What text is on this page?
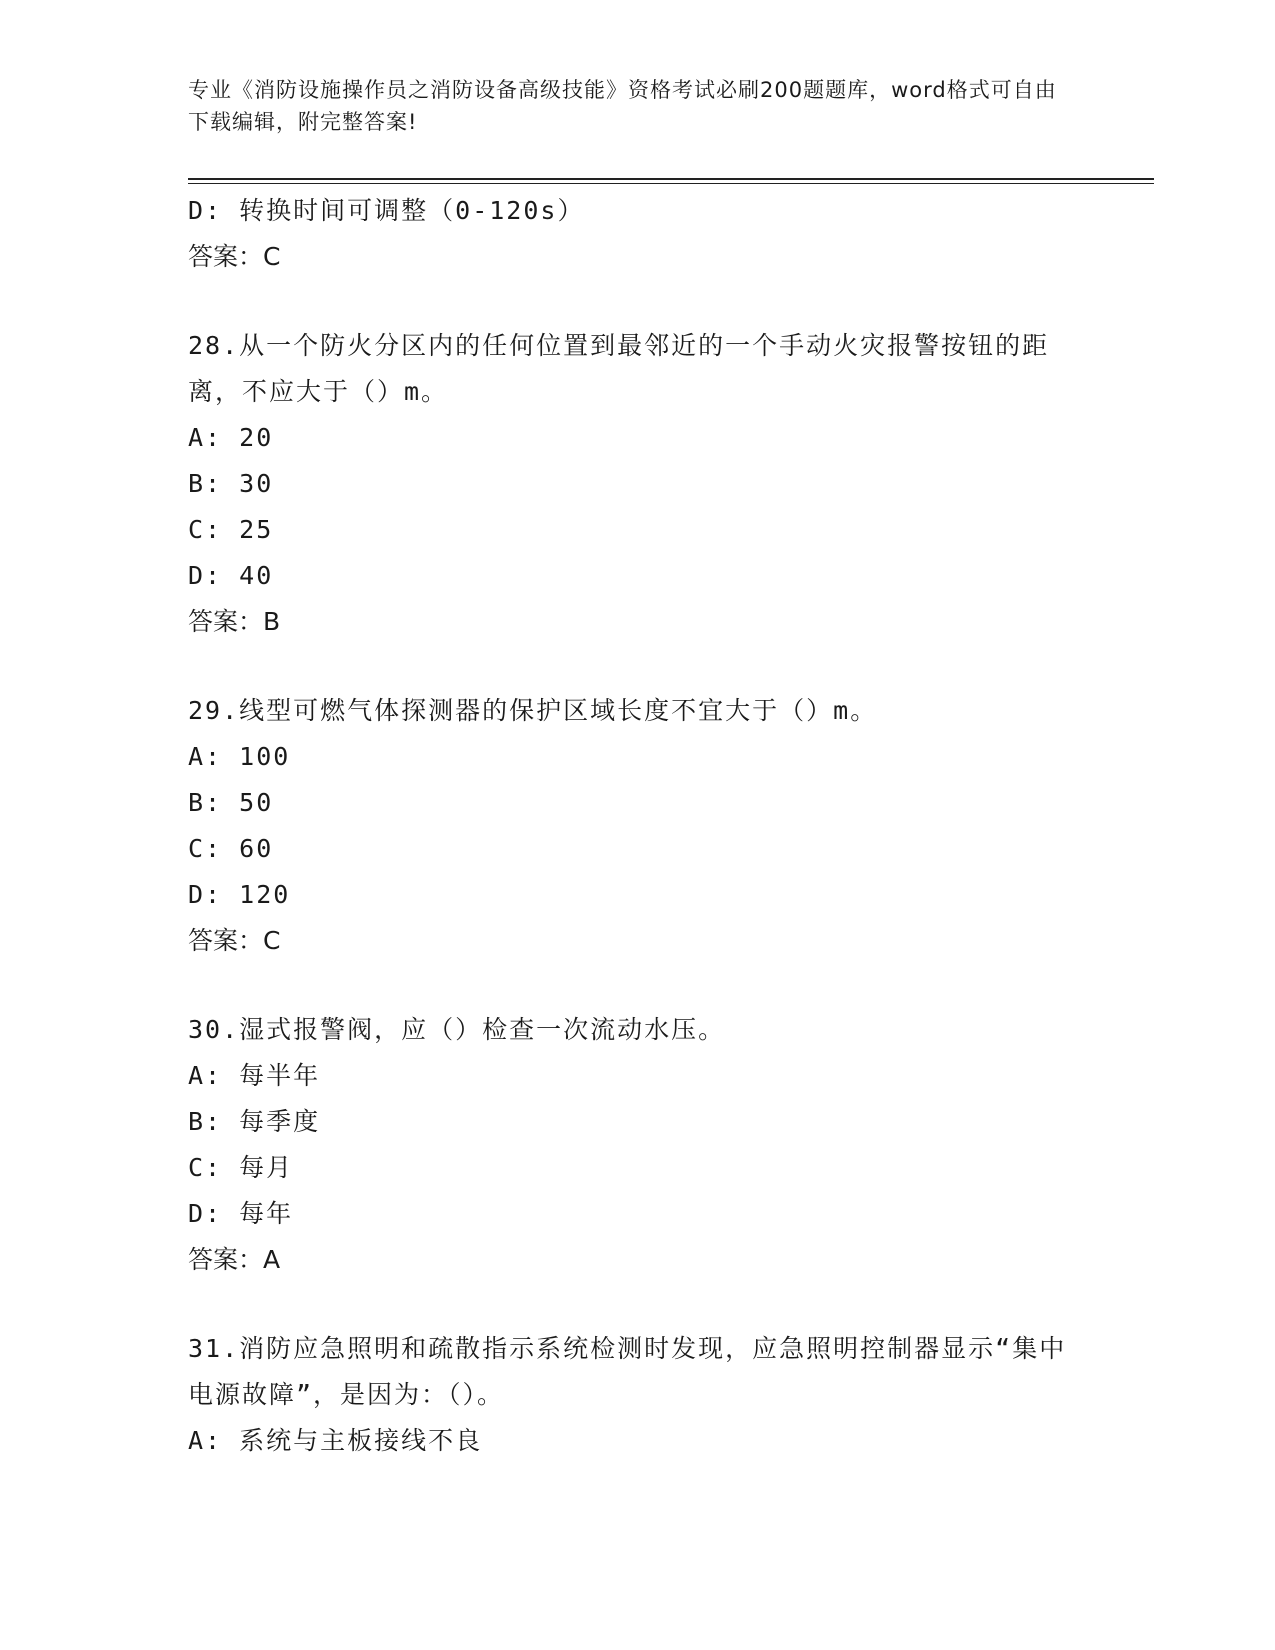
专业《消防设施操作员之消防设备高级技能》资格考试必刷200题题库，word格式可自由下载编辑，附完整答案!
D: 转换时间可调整（0-120s）
答案：C
28.从一个防火分区内的任何位置到最邻近的一个手动火灾报警按钮的距离，不应大于（）m。
A: 20
B: 30
C: 25
D: 40
答案：B
29.线型可燃气体探测器的保护区域长度不宜大于（）m。
A: 100
B: 50
C: 60
D: 120
答案：C
30.湿式报警阀，应（）检查一次流动水压。
A: 每半年
B: 每季度
C: 每月
D: 每年
答案：A
31.消防应急照明和疏散指示系统检测时发现，应急照明控制器显示“集中电源故障”，是因为：（）。
A: 系统与主板接线不良
